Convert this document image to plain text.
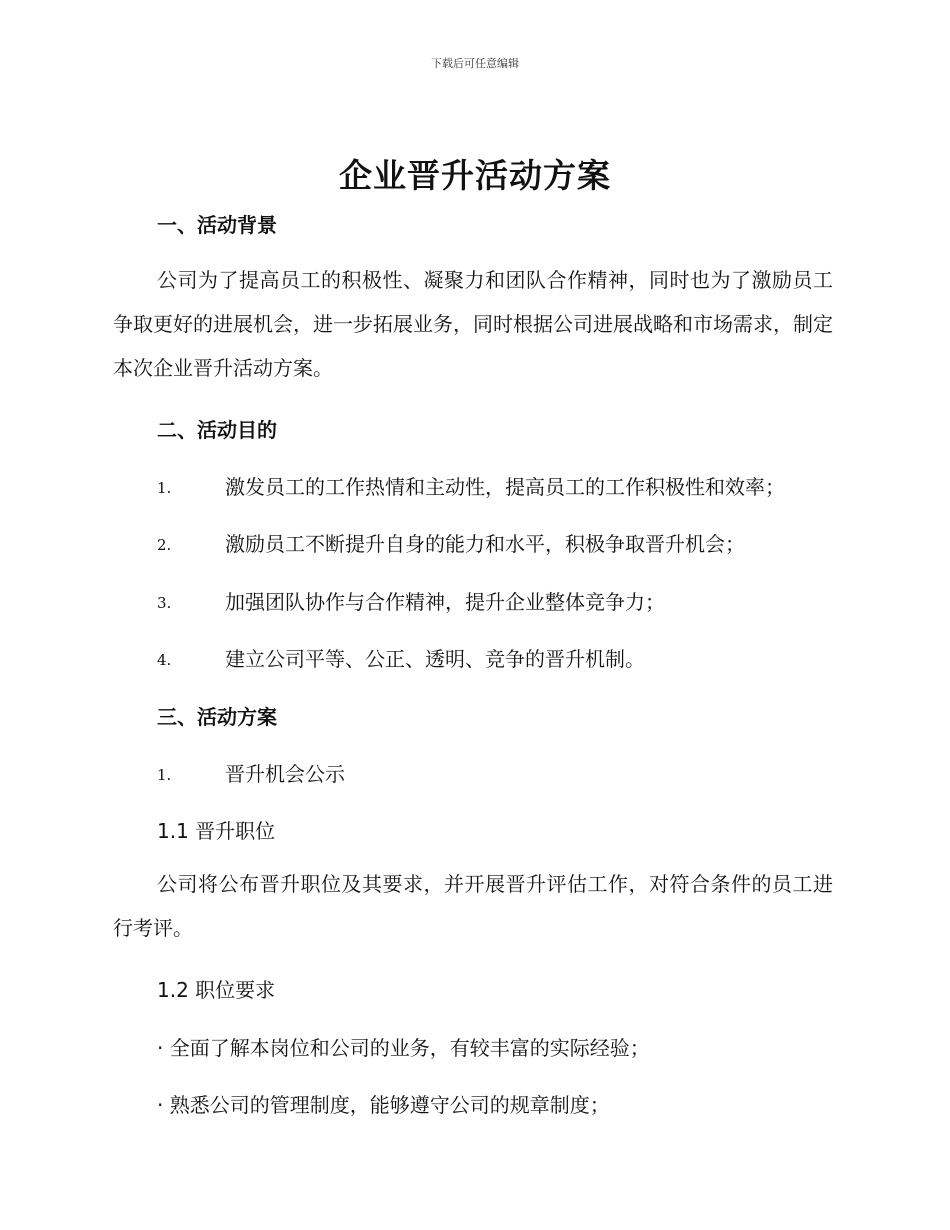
下载后可任意编辑
企业晋升活动方案
一、活动背景
公司为了提高员工的积极性、凝聚力和团队合作精神，同时也为了激励员工争取更好的进展机会，进一步拓展业务，同时根据公司进展战略和市场需求，制定本次企业晋升活动方案。
二、活动目的
1.	激发员工的工作热情和主动性，提高员工的工作积极性和效率；
2.	激励员工不断提升自身的能力和水平，积极争取晋升机会；
3.	加强团队协作与合作精神，提升企业整体竞争力；
4.	建立公司平等、公正、透明、竞争的晋升机制。
三、活动方案
1.	晋升机会公示
1.1 晋升职位
公司将公布晋升职位及其要求，并开展晋升评估工作，对符合条件的员工进行考评。
1.2 职位要求
· 全面了解本岗位和公司的业务，有较丰富的实际经验；
· 熟悉公司的管理制度，能够遵守公司的规章制度；
